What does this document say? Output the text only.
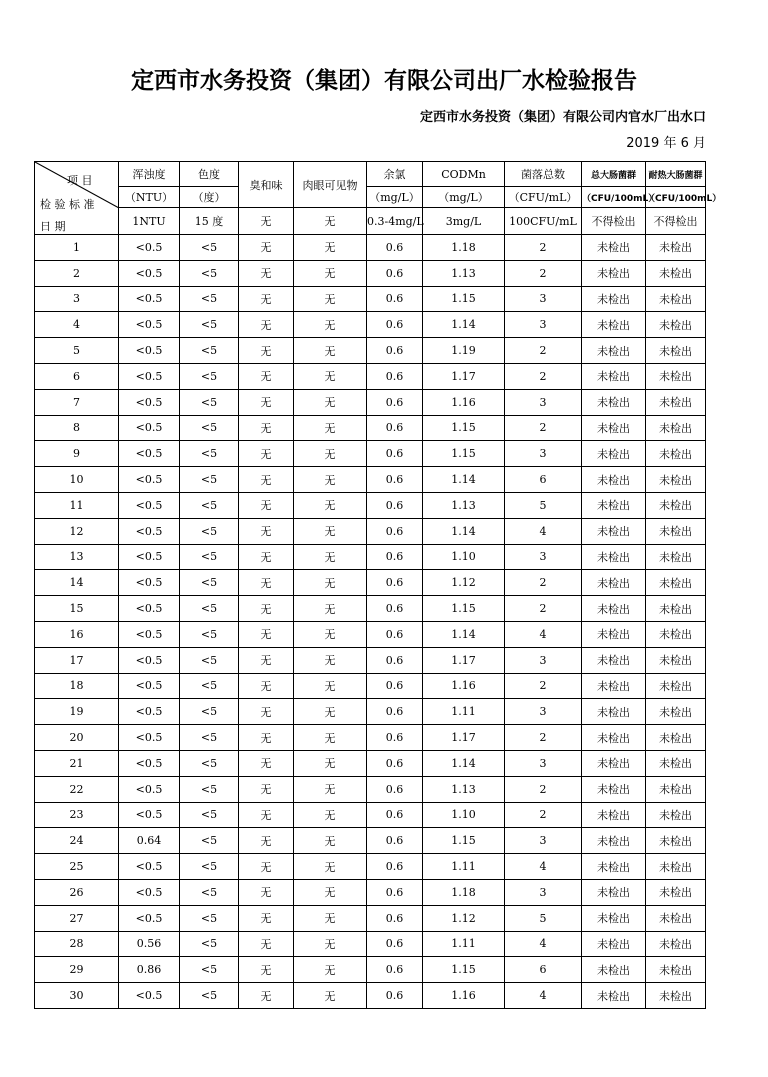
定西市水务投资（集团）有限公司出厂水检验报告
定西市水务投资（集团）有限公司内官水厂出水口
2019 年 6 月
项 目
检 验 标 准
日 期	浑浊度	色度	臭和味	肉眼可见物	余氯	CODMn	菌落总数	总大肠菌群	耐热大肠菌群
	（NTU）	（度）			（mg/L）	（mg/L）	（CFU/mL）	（CFU/100mL）	（CFU/100mL）
	1NTU	15 度	无	无	0.3-4mg/L	3mg/L	100CFU/mL	不得检出	不得检出
1	<0.5	<5	无	无	0.6	1.18	2	未检出	未检出
2	<0.5	<5	无	无	0.6	1.13	2	未检出	未检出
3	<0.5	<5	无	无	0.6	1.15	3	未检出	未检出
4	<0.5	<5	无	无	0.6	1.14	3	未检出	未检出
5	<0.5	<5	无	无	0.6	1.19	2	未检出	未检出
6	<0.5	<5	无	无	0.6	1.17	2	未检出	未检出
7	<0.5	<5	无	无	0.6	1.16	3	未检出	未检出
8	<0.5	<5	无	无	0.6	1.15	2	未检出	未检出
9	<0.5	<5	无	无	0.6	1.15	3	未检出	未检出
10	<0.5	<5	无	无	0.6	1.14	6	未检出	未检出
11	<0.5	<5	无	无	0.6	1.13	5	未检出	未检出
12	<0.5	<5	无	无	0.6	1.14	4	未检出	未检出
13	<0.5	<5	无	无	0.6	1.10	3	未检出	未检出
14	<0.5	<5	无	无	0.6	1.12	2	未检出	未检出
15	<0.5	<5	无	无	0.6	1.15	2	未检出	未检出
16	<0.5	<5	无	无	0.6	1.14	4	未检出	未检出
17	<0.5	<5	无	无	0.6	1.17	3	未检出	未检出
18	<0.5	<5	无	无	0.6	1.16	2	未检出	未检出
19	<0.5	<5	无	无	0.6	1.11	3	未检出	未检出
20	<0.5	<5	无	无	0.6	1.17	2	未检出	未检出
21	<0.5	<5	无	无	0.6	1.14	3	未检出	未检出
22	<0.5	<5	无	无	0.6	1.13	2	未检出	未检出
23	<0.5	<5	无	无	0.6	1.10	2	未检出	未检出
24	0.64	<5	无	无	0.6	1.15	3	未检出	未检出
25	<0.5	<5	无	无	0.6	1.11	4	未检出	未检出
26	<0.5	<5	无	无	0.6	1.18	3	未检出	未检出
27	<0.5	<5	无	无	0.6	1.12	5	未检出	未检出
28	0.56	<5	无	无	0.6	1.11	4	未检出	未检出
29	0.86	<5	无	无	0.6	1.15	6	未检出	未检出
30	<0.5	<5	无	无	0.6	1.16	4	未检出	未检出
